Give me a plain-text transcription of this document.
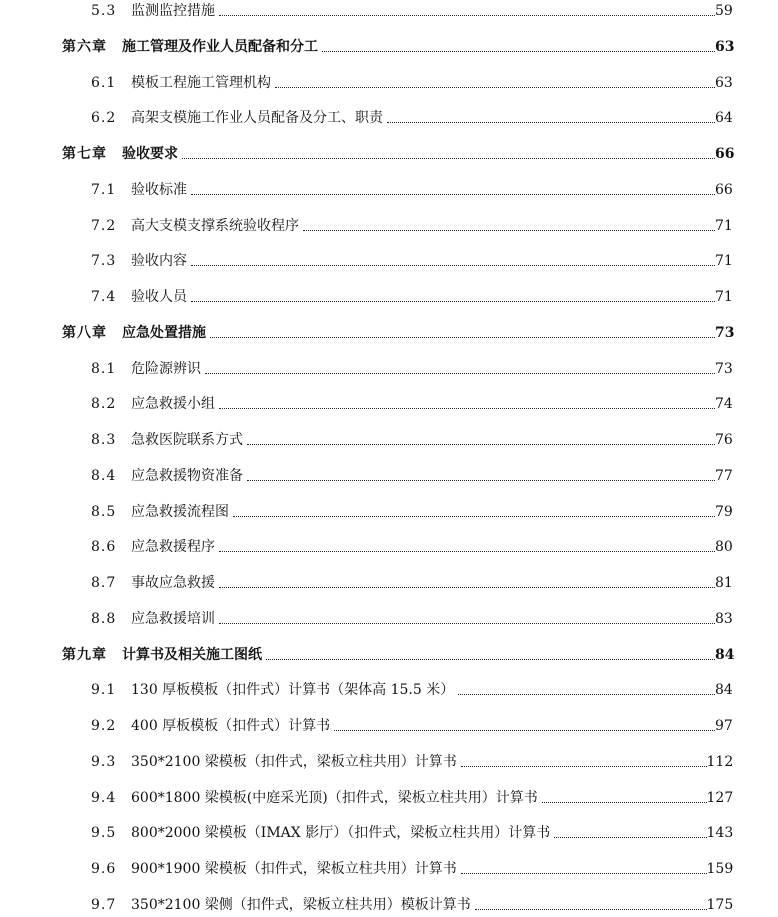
5.3 监测监控措施	59
第六章 施工管理及作业人员配备和分工	63
6.1 模板工程施工管理机构	63
6.2 高架支模施工作业人员配备及分工、职责	64
第七章 验收要求	66
7.1 验收标准	66
7.2 高大支模支撑系统验收程序	71
7.3 验收内容	71
7.4 验收人员	71
第八章 应急处置措施	73
8.1 危险源辨识	73
8.2 应急救援小组	74
8.3 急救医院联系方式	76
8.4 应急救援物资准备	77
8.5 应急救援流程图	79
8.6 应急救援程序	80
8.7 事故应急救援	81
8.8 应急救援培训	83
第九章 计算书及相关施工图纸	84
9.1 130 厚板模板（扣件式）计算书（架体高 15.5 米）	84
9.2 400 厚板模板（扣件式）计算书	97
9.3 350*2100 梁模板（扣件式，梁板立柱共用）计算书	112
9.4 600*1800 梁模板(中庭采光顶)（扣件式，梁板立柱共用）计算书	127
9.5 800*2000 梁模板（IMAX 影厅）（扣件式，梁板立柱共用）计算书	143
9.6 900*1900 梁模板（扣件式，梁板立柱共用）计算书	159
9.7 350*2100 梁侧（扣件式，梁板立柱共用）模板计算书	175
